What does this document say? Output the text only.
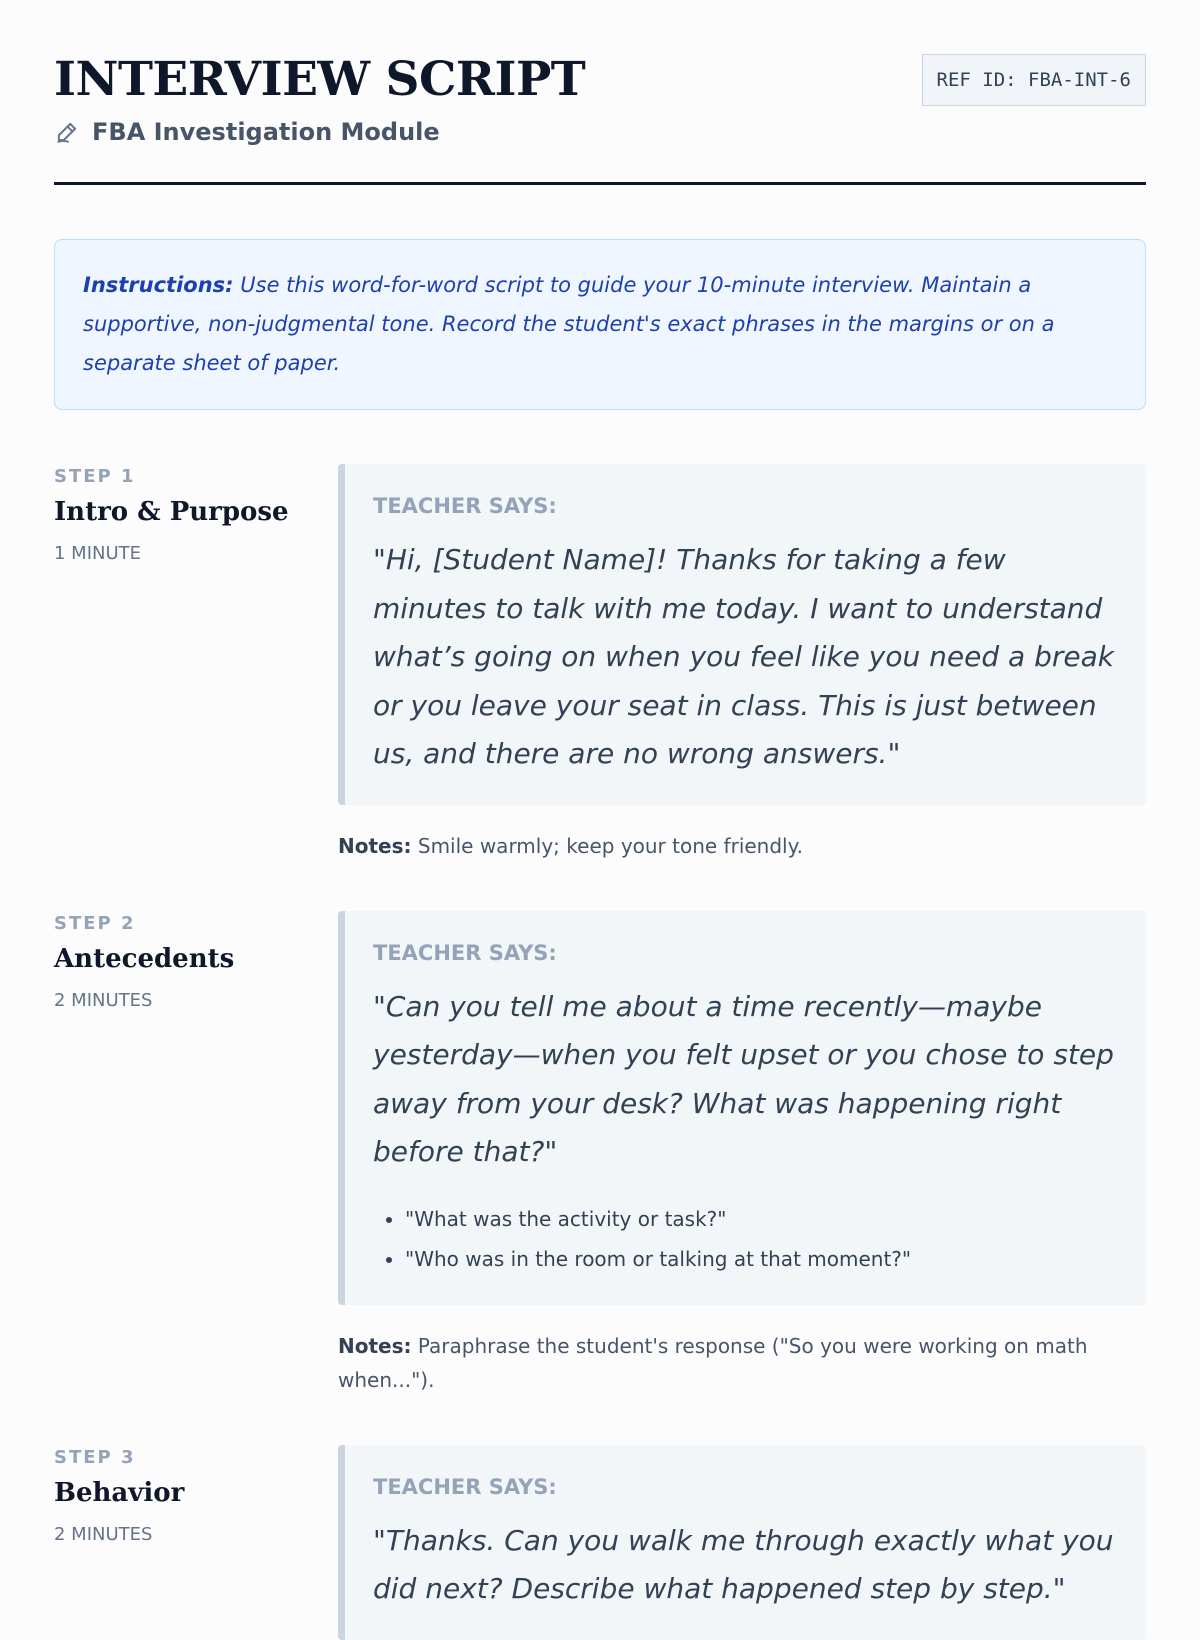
INTERVIEW SCRIPT
FBA Investigation Module
REF ID: FBA-INT-6
Instructions: Use this word-for-word script to guide your 10-minute interview. Maintain a supportive, non-judgmental tone. Record the student's exact phrases in the margins or on a separate sheet of paper.
STEP 1
Intro & Purpose
1 MINUTE
TEACHER SAYS:
"Hi, [Student Name]! Thanks for taking a few minutes to talk with me today. I want to understand what’s going on when you feel like you need a break or you leave your seat in class. This is just between us, and there are no wrong answers."
Notes: Smile warmly; keep your tone friendly.
STEP 2
Antecedents
2 MINUTES
TEACHER SAYS:
"Can you tell me about a time recently—maybe yesterday—when you felt upset or you chose to step away from your desk? What was happening right before that?"
• "What was the activity or task?"
• "Who was in the room or talking at that moment?"
Notes: Paraphrase the student's response ("So you were working on math when...").
STEP 3
Behavior
2 MINUTES
TEACHER SAYS:
"Thanks. Can you walk me through exactly what you did next? Describe what happened step by step."
